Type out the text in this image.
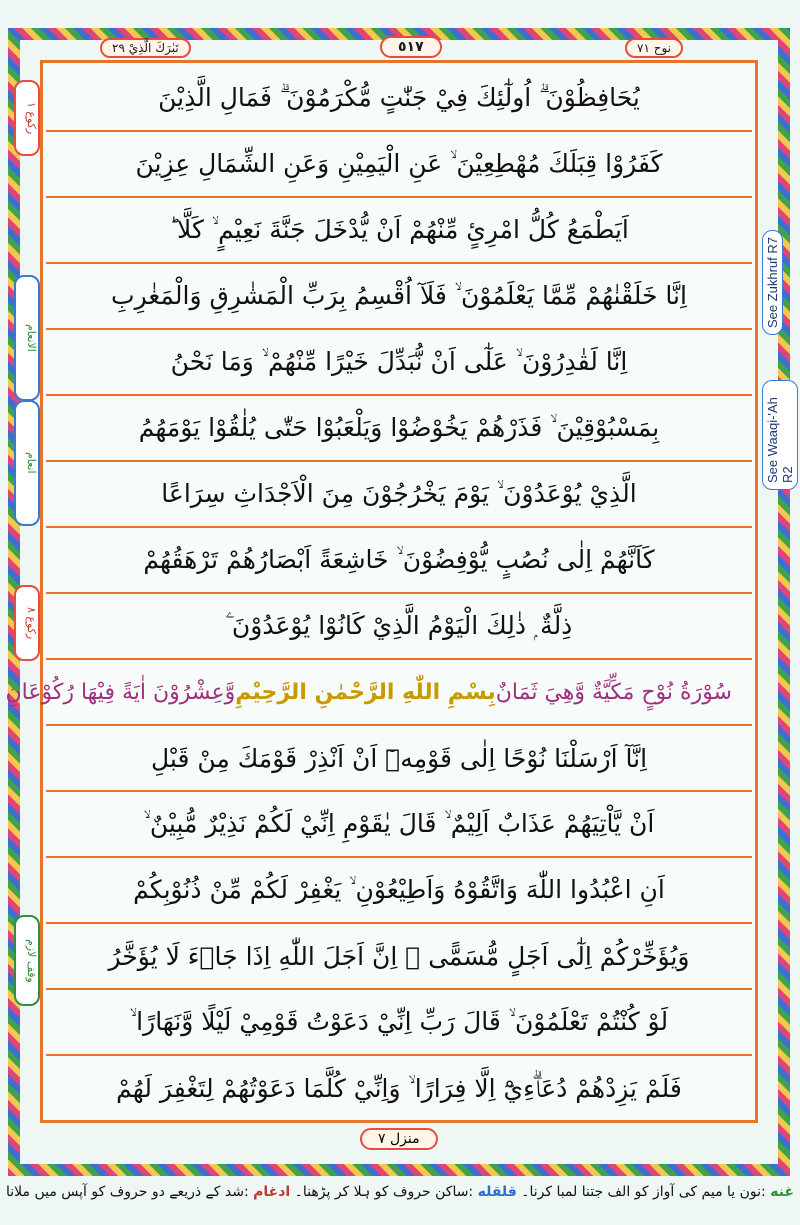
تَبٰرَكَ الَّذِيْ ٢٩	٥١٧	نوح ٧١
يُحَافِظُوْنَ ۗ اُولٰٓئِكَ فِيْ جَنّٰتٍ مُّكْرَمُوْنَ ۗ فَمَالِ الَّذِيْنَ
كَفَرُوْا قِبَلَكَ مُهْطِعِيْنَ ۙ عَنِ الْيَمِيْنِ وَعَنِ الشِّمَالِ عِزِيْنَ
اَيَطْمَعُ كُلُّ امْرِئٍ مِّنْهُمْ اَنْ يُّدْخَلَ جَنَّةَ نَعِيْمٍ ۙ كَلَّا ؕ
اِنَّا خَلَقْنٰهُمْ مِّمَّا يَعْلَمُوْنَ ۙ فَلَآ اُقْسِمُ بِرَبِّ الْمَشٰرِقِ وَالْمَغٰرِبِ
اِنَّا لَقٰدِرُوْنَ ۙ عَلٰٓى اَنْ نُّبَدِّلَ خَيْرًا مِّنْهُمْ ۙ وَمَا نَحْنُ
بِمَسْبُوْقِيْنَ ۙ فَذَرْهُمْ يَخُوْضُوْا وَيَلْعَبُوْا حَتّٰى يُلٰقُوْا يَوْمَهُمُ
الَّذِيْ يُوْعَدُوْنَ ۙ يَوْمَ يَخْرُجُوْنَ مِنَ الْاَجْدَاثِ سِرَاعًا
كَاَنَّهُمْ اِلٰى نُصُبٍ يُّوْفِضُوْنَ ۙ خَاشِعَةً اَبْصَارُهُمْ تَرْهَقُهُمْ
ذِلَّةٌ ۭ ذٰلِكَ الْيَوْمُ الَّذِيْ كَانُوْا يُوْعَدُوْنَ ۧ
سُوْرَةُ نُوْحٍ مَكِّيَّةٌ وَّهِيَ ثَمَانٌ
بِسْمِ اللّٰهِ الرَّحْمٰنِ الرَّحِيْمِ
وَّعِشْرُوْنَ اٰيَةً فِيْهَا رُكُوْعَانِ
اِنَّآ اَرْسَلْنَا نُوْحًا اِلٰى قَوْمِهٖٓ اَنْ اَنْذِرْ قَوْمَكَ مِنْ قَبْلِ
اَنْ يَّاْتِيَهُمْ عَذَابٌ اَلِيْمٌ ۙ قَالَ يٰقَوْمِ اِنِّيْ لَكُمْ نَذِيْرٌ مُّبِيْنٌ ۙ
اَنِ اعْبُدُوا اللّٰهَ وَاتَّقُوْهُ وَاَطِيْعُوْنِ ۙ يَغْفِرْ لَكُمْ مِّنْ ذُنُوْبِكُمْ
وَيُؤَخِّرْكُمْ اِلٰٓى اَجَلٍ مُّسَمًّى ۭ اِنَّ اَجَلَ اللّٰهِ اِذَا جَاۗءَ لَا يُؤَخَّرُ
لَوْ كُنْتُمْ تَعْلَمُوْنَ ۙ قَالَ رَبِّ اِنِّيْ دَعَوْتُ قَوْمِيْ لَيْلًا وَّنَهَارًا ۙ
فَلَمْ يَزِدْهُمْ دُعَاۗءِيْٓ اِلَّا فِرَارًا ۙ وَاِنِّيْ كُلَّمَا دَعَوْتُهُمْ لِتَغْفِرَ لَهُمْ
See Zukhruf R7
See Waaqi-'Ah R2
ركوع ١
الانعام
انعام
ركوع ٨
وقف لازم
منزل ٧
غنه :نون یا میم کی آواز کو الف جتنا لمبا کرنا۔ قلقله :ساکن حروف کو ہلا کر پڑھنا۔ ادغام :شد کے ذریعے دو حروف کو آپس میں ملانا
